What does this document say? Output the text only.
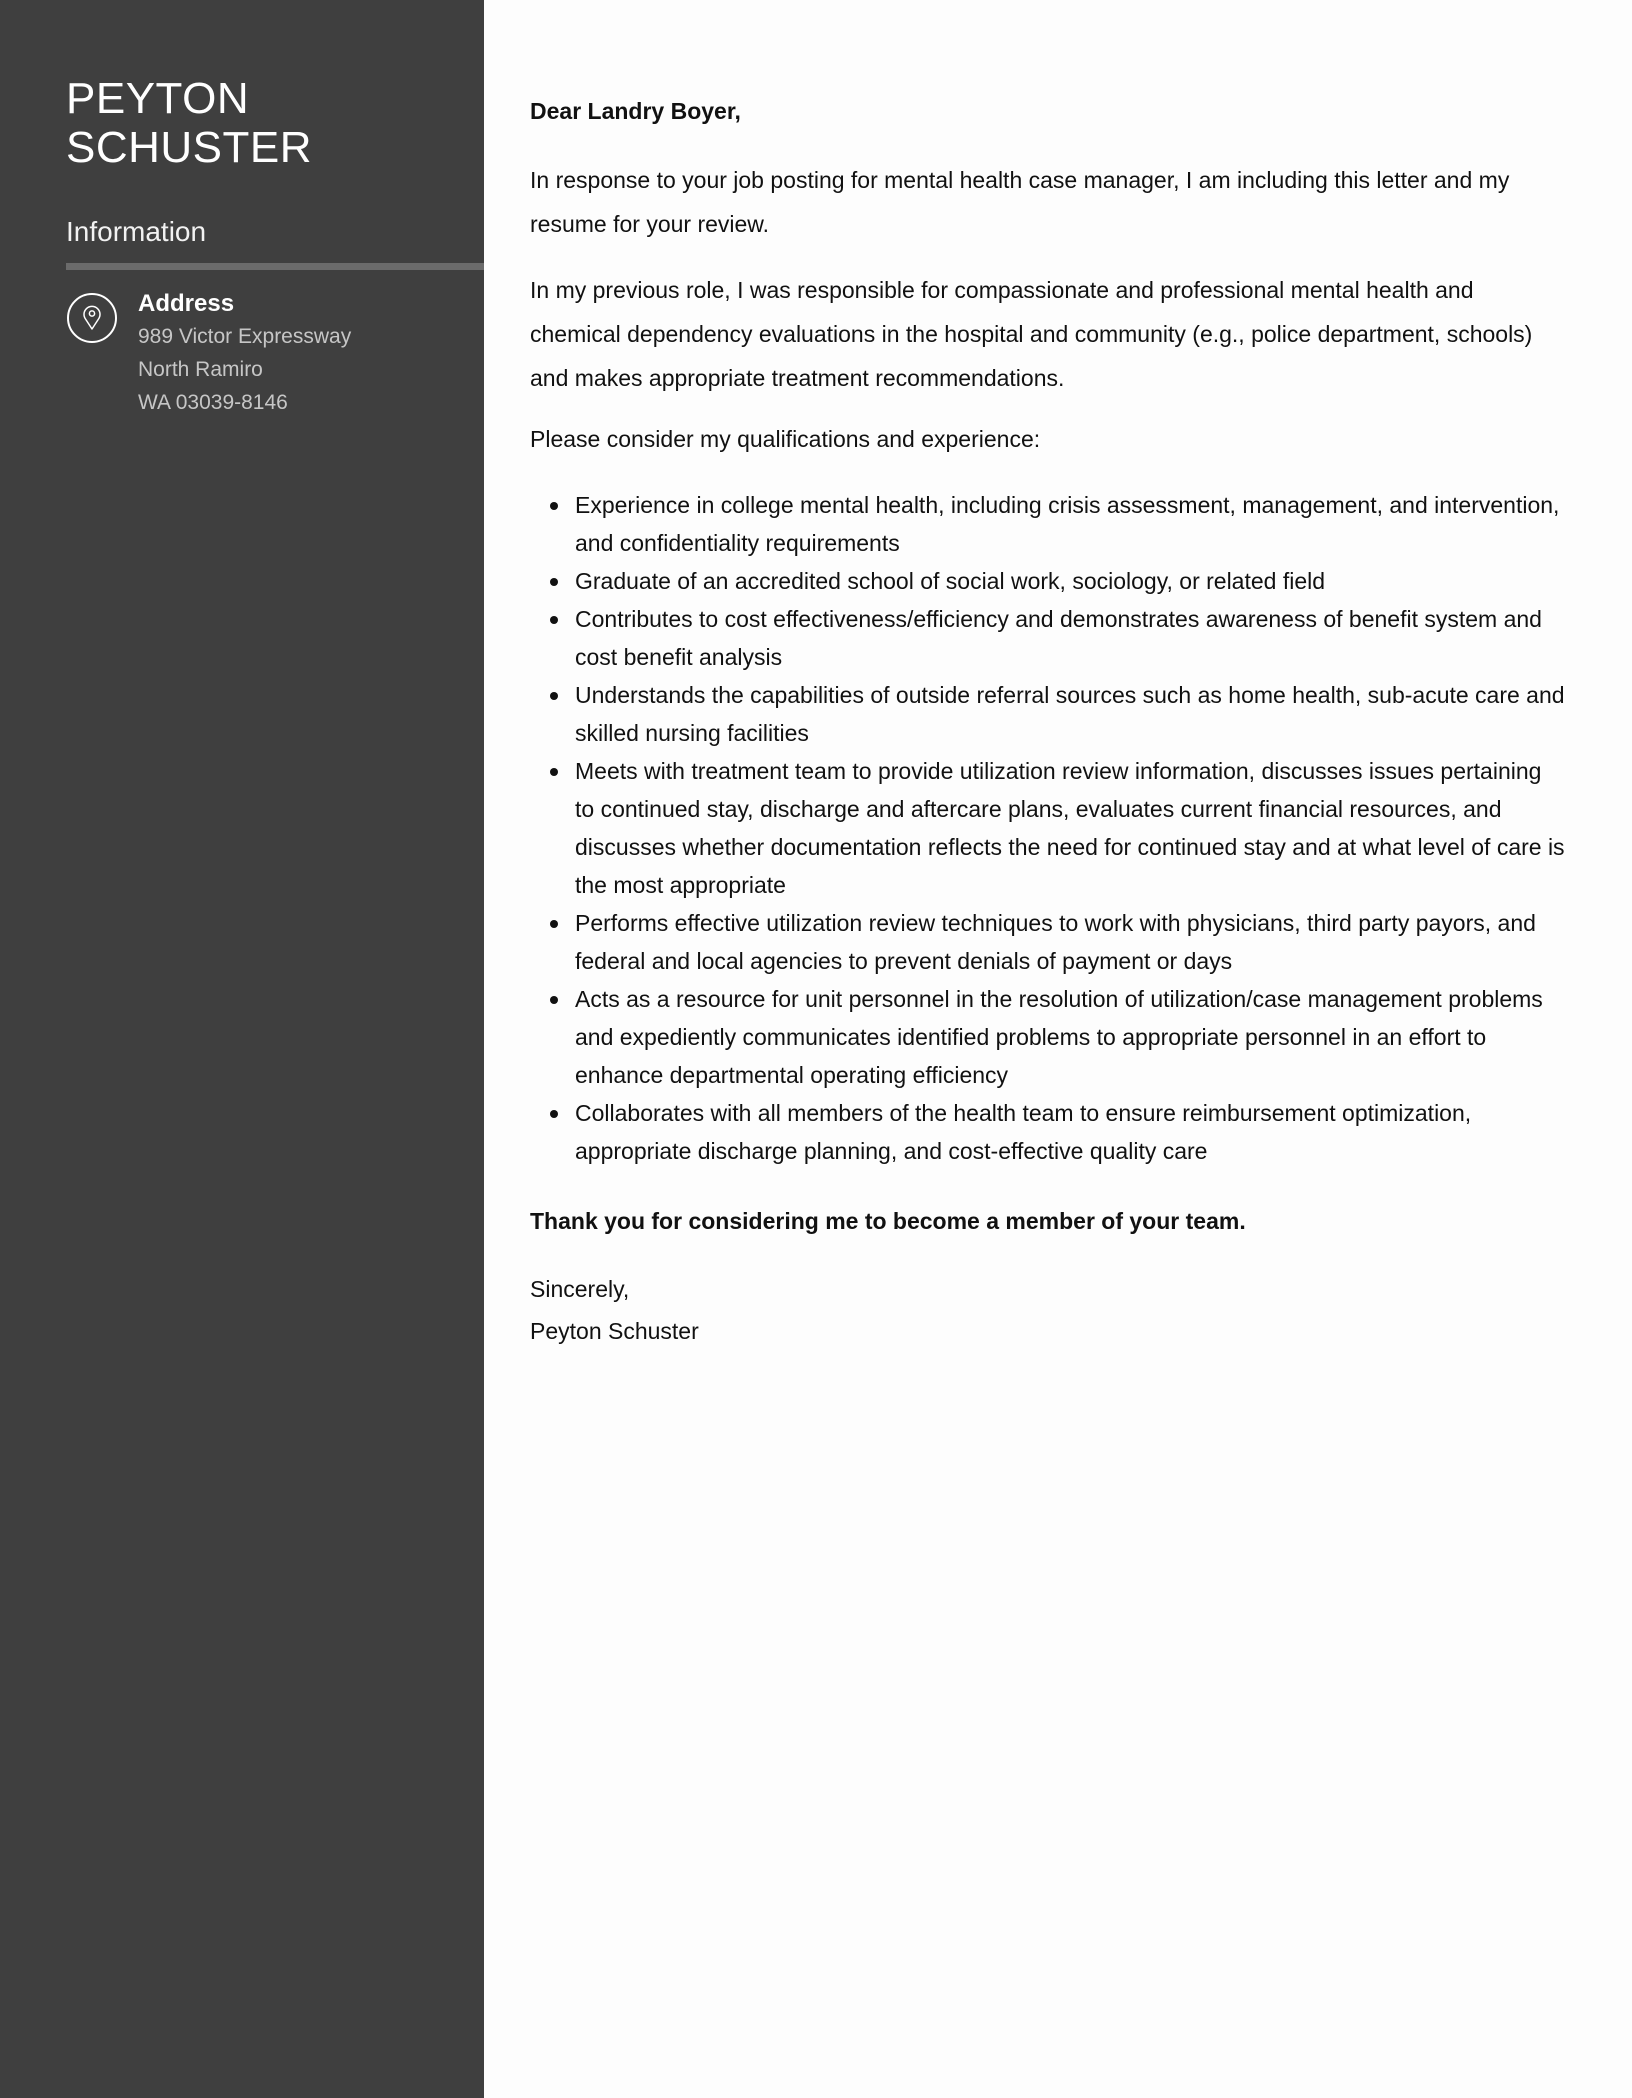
PEYTON
SCHUSTER
Information
Address
989 Victor Expressway
North Ramiro
WA 03039-8146

Dear Landry Boyer,

In response to your job posting for mental health case manager, I am including this letter and my resume for your review.

In my previous role, I was responsible for compassionate and professional mental health and chemical dependency evaluations in the hospital and community (e.g., police department, schools) and makes appropriate treatment recommendations.

Please consider my qualifications and experience:

Experience in college mental health, including crisis assessment, management, and intervention, and confidentiality requirements
Graduate of an accredited school of social work, sociology, or related field
Contributes to cost effectiveness/efficiency and demonstrates awareness of benefit system and cost benefit analysis
Understands the capabilities of outside referral sources such as home health, sub-acute care and skilled nursing facilities
Meets with treatment team to provide utilization review information, discusses issues pertaining to continued stay, discharge and aftercare plans, evaluates current financial resources, and discusses whether documentation reflects the need for continued stay and at what level of care is the most appropriate
Performs effective utilization review techniques to work with physicians, third party payors, and federal and local agencies to prevent denials of payment or days
Acts as a resource for unit personnel in the resolution of utilization/case management problems and expediently communicates identified problems to appropriate personnel in an effort to enhance departmental operating efficiency
Collaborates with all members of the health team to ensure reimbursement optimization, appropriate discharge planning, and cost-effective quality care

Thank you for considering me to become a member of your team.

Sincerely,

Peyton Schuster
